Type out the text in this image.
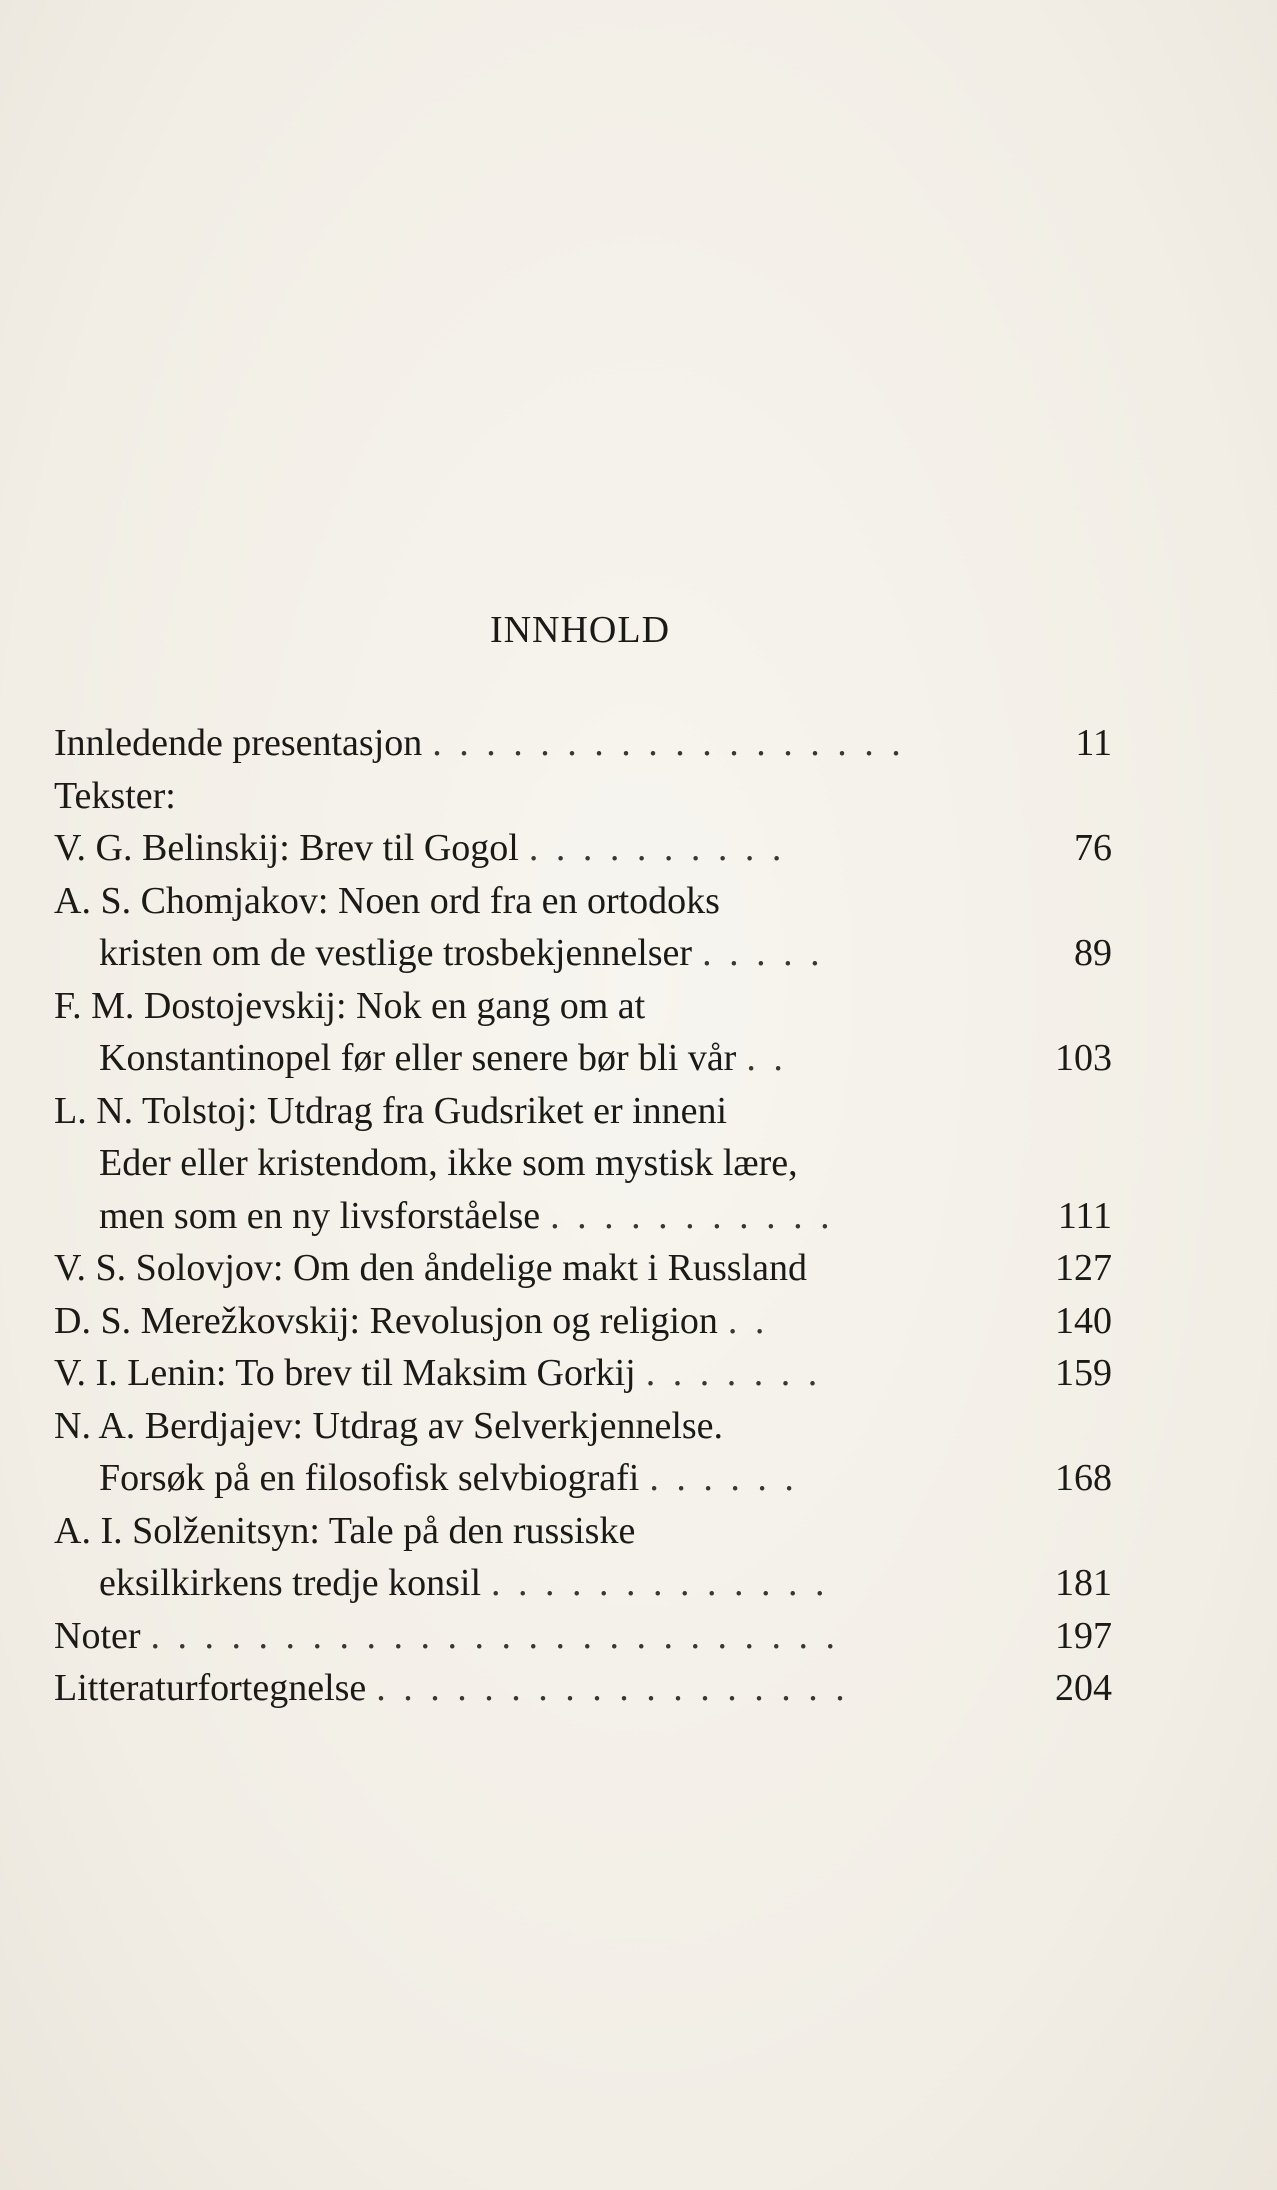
INNHOLD
Innledende presentasjon . . . . . . . . . . . . . . . . . .	11
Tekster:
V. G. Belinskij: Brev til Gogol . . . . . . . . . .	76
A. S. Chomjakov: Noen ord fra en ortodoks
kristen om de vestlige trosbekjennelser . . . . .	89
F. M. Dostojevskij: Nok en gang om at
Konstantinopel før eller senere bør bli vår . .	103
L. N. Tolstoj: Utdrag fra Gudsriket er inneni
Eder eller kristendom, ikke som mystisk lære,
men som en ny livsforståelse . . . . . . . . . . .	111
V. S. Solovjov: Om den åndelige makt i Russland	127
D. S. Merežkovskij: Revolusjon og religion . .	140
V. I. Lenin: To brev til Maksim Gorkij . . . . . . .	159
N. A. Berdjajev: Utdrag av Selverkjennelse.
Forsøk på en filosofisk selvbiografi . . . . . .	168
A. I. Solženitsyn: Tale på den russiske
eksilkirkens tredje konsil . . . . . . . . . . . . .	181
Noter . . . . . . . . . . . . . . . . . . . . . . . . . .	197
Litteraturfortegnelse . . . . . . . . . . . . . . . . . .	204
